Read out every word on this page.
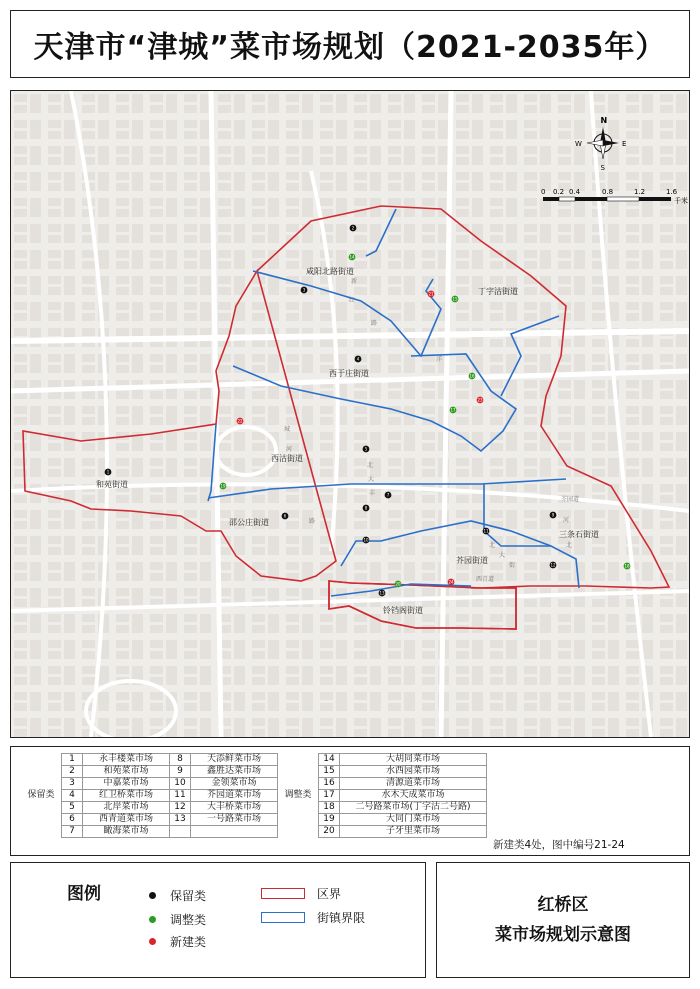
天津市“津城”菜市场规划（2021-2035年）
咸阳北路街道
丁字沽街道
西于庄街道
西沽街道
和苑街道
邵公庄街道
三条石街道
芥园街道
铃铛阁街道
新
红
路
城
河
北
大
丰
路
西青道
芥园道
河
北
大
街
北
洋
1
2
3
4
5
6
7
8
9
10
11
12
13
14
15
16
17
18
19
20
21
22
23
24
N
S
E
W
0 0.2 0.4	0.8	1.2	1.6
千米
	1	永丰楼菜市场	8	天添鲜菜市场		14	大胡同菜市场
	2	和苑菜市场	9	鑫胜达菜市场		15	水西园菜市场
	3	中嘉菜市场	10	金领菜市场		16	清源道菜市场
保留类	4	红卫桥菜市场	11	芥园道菜市场	调整类	17	水木天成菜市场
	5	北岸菜市场	12	大丰桥菜市场		18	二号路菜市场(丁字沽二号路)
	6	西青道菜市场	13	一号路菜市场		19	大同门菜市场
	7	瞰海菜市场				20	子牙里菜市场
新建类4处，图中编号21-24
图例	保留类
调整类
新建类
区界
街镇界限
红桥区
菜市场规划示意图
